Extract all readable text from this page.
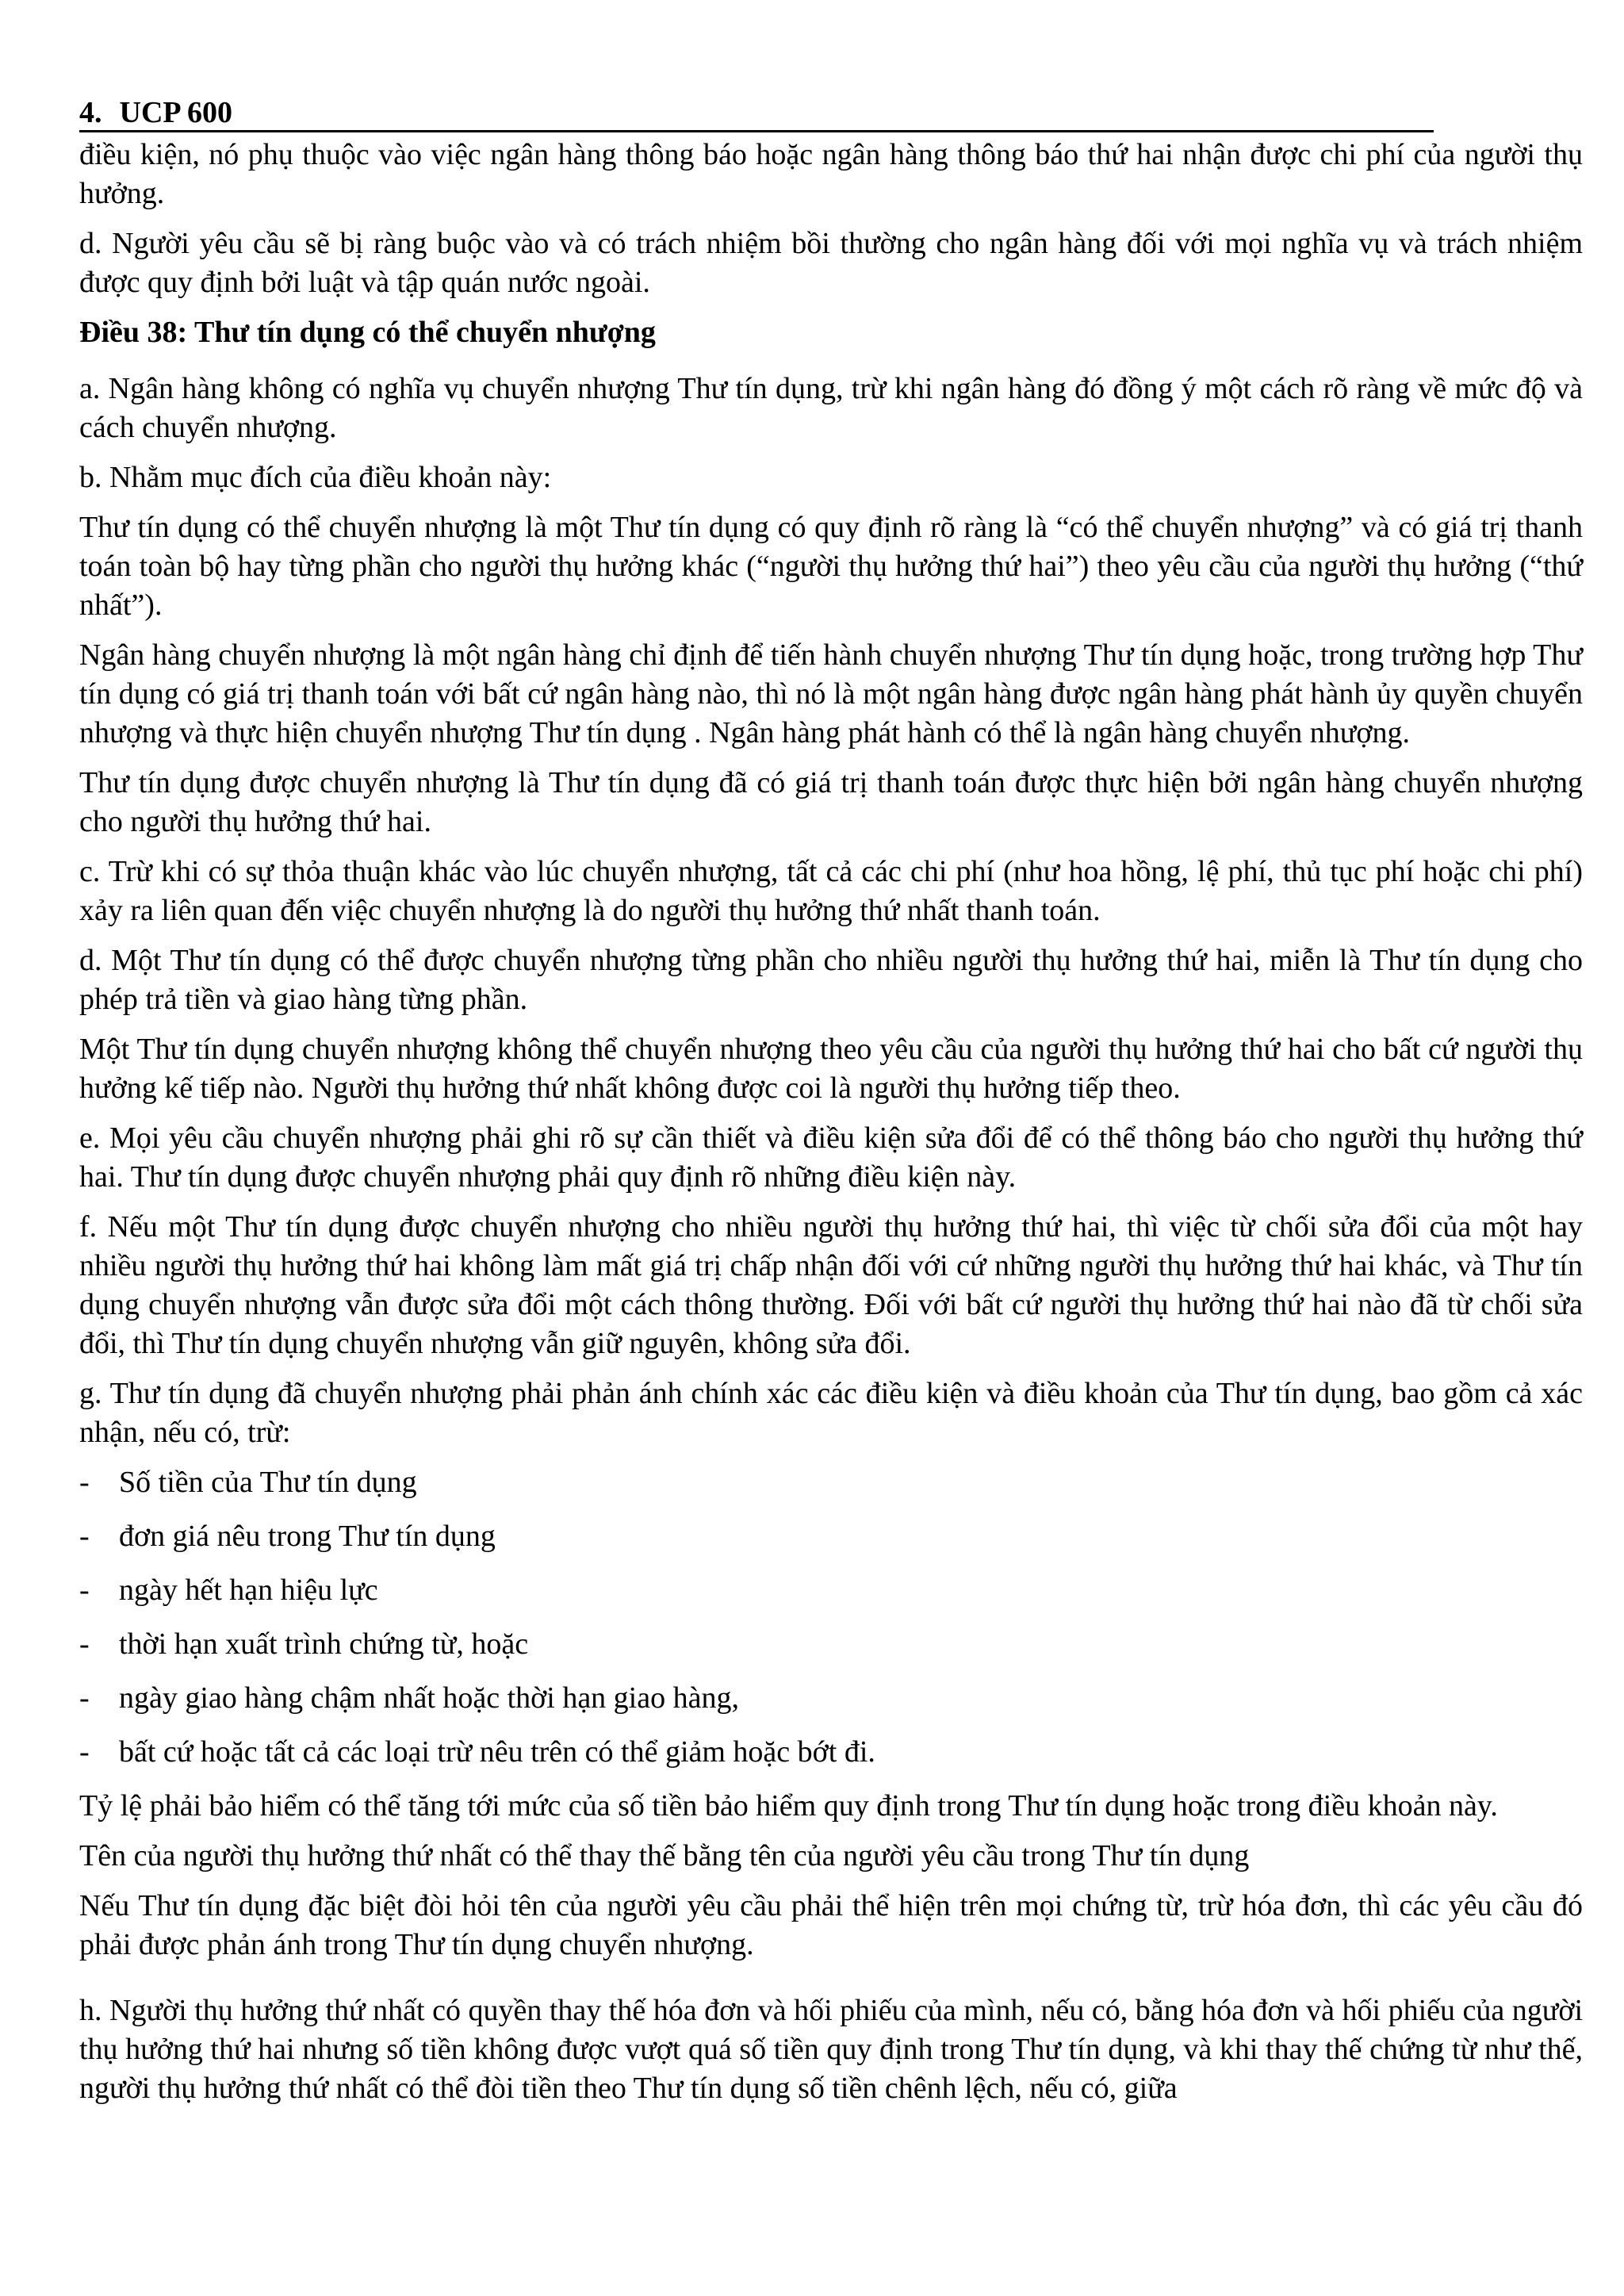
4. UCP 600

điều kiện, nó phụ thuộc vào việc ngân hàng thông báo hoặc ngân hàng thông báo thứ hai nhận được chi phí của người thụ hưởng.

d. Người yêu cầu sẽ bị ràng buộc vào và có trách nhiệm bồi thường cho ngân hàng đối với mọi nghĩa vụ và trách nhiệm được quy định bởi luật và tập quán nước ngoài.

Điều 38: Thư tín dụng có thể chuyển nhượng

a. Ngân hàng không có nghĩa vụ chuyển nhượng Thư tín dụng, trừ khi ngân hàng đó đồng ý một cách rõ ràng về mức độ và cách chuyển nhượng.

b. Nhằm mục đích của điều khoản này:

Thư tín dụng có thể chuyển nhượng là một Thư tín dụng có quy định rõ ràng là “có thể chuyển nhượng” và có giá trị thanh toán toàn bộ hay từng phần cho người thụ hưởng khác (“người thụ hưởng thứ hai”) theo yêu cầu của người thụ hưởng (“thứ nhất”).

Ngân hàng chuyển nhượng là một ngân hàng chỉ định để tiến hành chuyển nhượng Thư tín dụng hoặc, trong trường hợp Thư tín dụng có giá trị thanh toán với bất cứ ngân hàng nào, thì nó là một ngân hàng được ngân hàng phát hành ủy quyền chuyển nhượng và thực hiện chuyển nhượng Thư tín dụng . Ngân hàng phát hành có thể là ngân hàng chuyển nhượng.

Thư tín dụng được chuyển nhượng là Thư tín dụng đã có giá trị thanh toán được thực hiện bởi ngân hàng chuyển nhượng cho người thụ hưởng thứ hai.

c. Trừ khi có sự thỏa thuận khác vào lúc chuyển nhượng, tất cả các chi phí (như hoa hồng, lệ phí, thủ tục phí hoặc chi phí) xảy ra liên quan đến việc chuyển nhượng là do người thụ hưởng thứ nhất thanh toán.

d. Một Thư tín dụng có thể được chuyển nhượng từng phần cho nhiều người thụ hưởng thứ hai, miễn là Thư tín dụng cho phép trả tiền và giao hàng từng phần.

Một Thư tín dụng chuyển nhượng không thể chuyển nhượng theo yêu cầu của người thụ hưởng thứ hai cho bất cứ người thụ hưởng kế tiếp nào. Người thụ hưởng thứ nhất không được coi là người thụ hưởng tiếp theo.

e. Mọi yêu cầu chuyển nhượng phải ghi rõ sự cần thiết và điều kiện sửa đổi để có thể thông báo cho người thụ hưởng thứ hai. Thư tín dụng được chuyển nhượng phải quy định rõ những điều kiện này.

f. Nếu một Thư tín dụng được chuyển nhượng cho nhiều người thụ hưởng thứ hai, thì việc từ chối sửa đổi của một hay nhiều người thụ hưởng thứ hai không làm mất giá trị chấp nhận đối với cứ những người thụ hưởng thứ hai khác, và Thư tín dụng chuyển nhượng vẫn được sửa đổi một cách thông thường. Đối với bất cứ người thụ hưởng thứ hai nào đã từ chối sửa đổi, thì Thư tín dụng chuyển nhượng vẫn giữ nguyên, không sửa đổi.

g. Thư tín dụng đã chuyển nhượng phải phản ánh chính xác các điều kiện và điều khoản của Thư tín dụng, bao gồm cả xác nhận, nếu có, trừ:

- Số tiền của Thư tín dụng
- đơn giá nêu trong Thư tín dụng
- ngày hết hạn hiệu lực
- thời hạn xuất trình chứng từ, hoặc
- ngày giao hàng chậm nhất hoặc thời hạn giao hàng,
- bất cứ hoặc tất cả các loại trừ nêu trên có thể giảm hoặc bớt đi.

Tỷ lệ phải bảo hiểm có thể tăng tới mức của số tiền bảo hiểm quy định trong Thư tín dụng hoặc trong điều khoản này.

Tên của người thụ hưởng thứ nhất có thể thay thế bằng tên của người yêu cầu trong Thư tín dụng

Nếu Thư tín dụng đặc biệt đòi hỏi tên của người yêu cầu phải thể hiện trên mọi chứng từ, trừ hóa đơn, thì các yêu cầu đó phải được phản ánh trong Thư tín dụng chuyển nhượng.

h. Người thụ hưởng thứ nhất có quyền thay thế hóa đơn và hối phiếu của mình, nếu có, bằng hóa đơn và hối phiếu của người thụ hưởng thứ hai nhưng số tiền không được vượt quá số tiền quy định trong Thư tín dụng, và khi thay thế chứng từ như thế, người thụ hưởng thứ nhất có thể đòi tiền theo Thư tín dụng số tiền chênh lệch, nếu có, giữa
